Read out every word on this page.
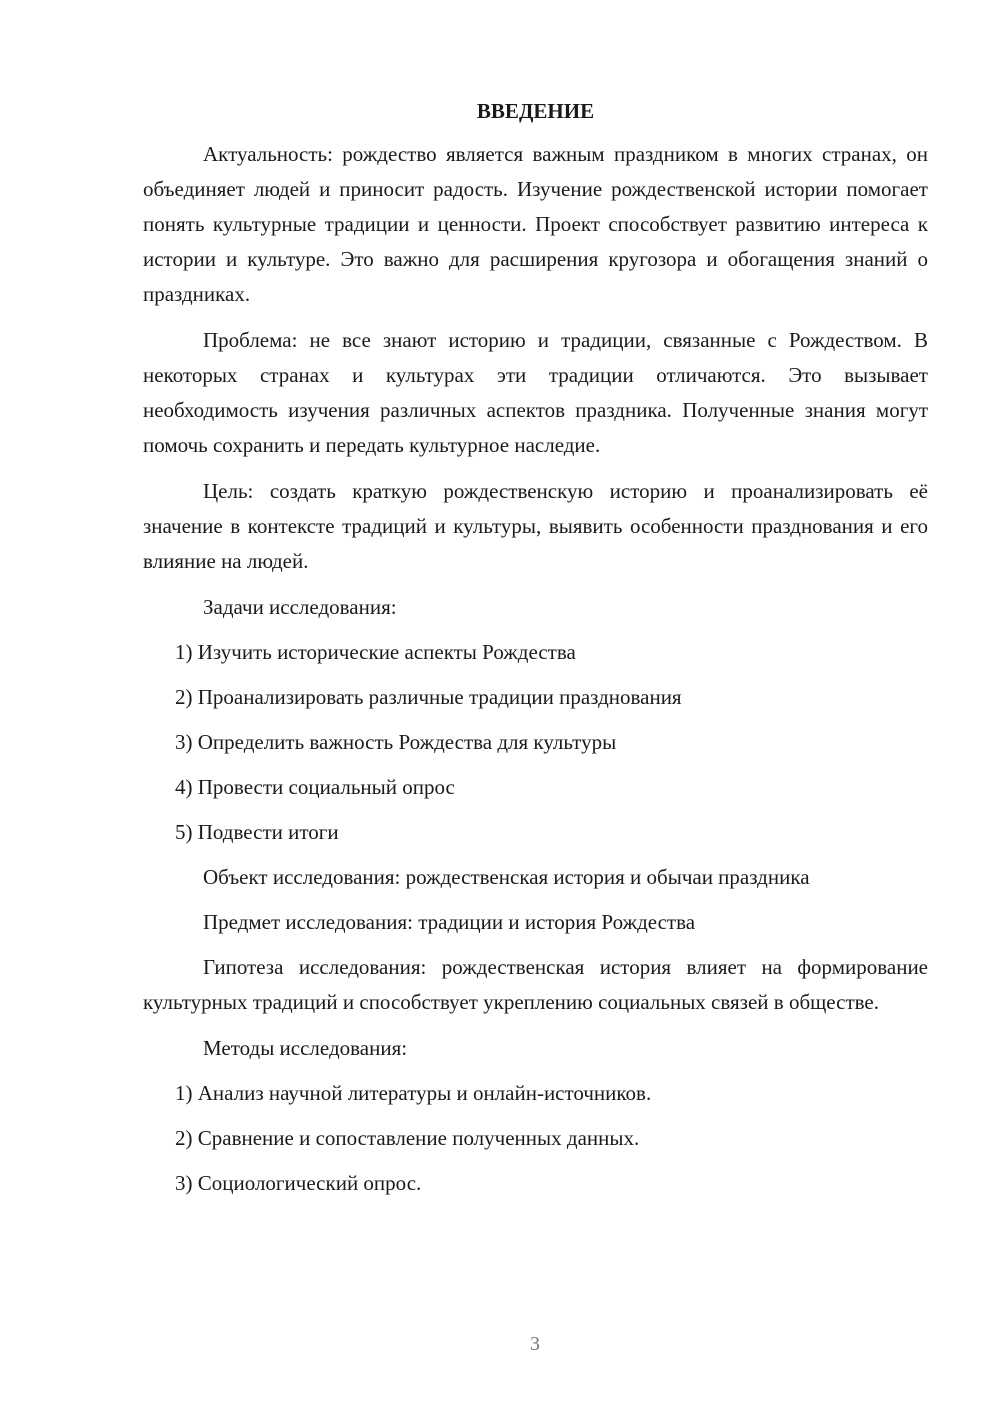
ВВЕДЕНИЕ
Актуальность: рождество является важным праздником в многих странах, он объединяет людей и приносит радость. Изучение рождественской истории помогает понять культурные традиции и ценности. Проект способствует развитию интереса к истории и культуре. Это важно для расширения кругозора и обогащения знаний о праздниках.
Проблема: не все знают историю и традиции, связанные с Рождеством. В некоторых странах и культурах эти традиции отличаются. Это вызывает необходимость изучения различных аспектов праздника. Полученные знания могут помочь сохранить и передать культурное наследие.
Цель: создать краткую рождественскую историю и проанализировать её значение в контексте традиций и культуры, выявить особенности празднования и его влияние на людей.
Задачи исследования:
1) Изучить исторические аспекты Рождества
2) Проанализировать различные традиции празднования
3) Определить важность Рождества для культуры
4) Провести социальный опрос
5) Подвести итоги
Объект исследования: рождественская история и обычаи праздника
Предмет исследования: традиции и история Рождества
Гипотеза исследования: рождественская история влияет на формирование культурных традиций и способствует укреплению социальных связей в обществе.
Методы исследования:
1) Анализ научной литературы и онлайн-источников.
2) Сравнение и сопоставление полученных данных.
3) Социологический опрос.
3
